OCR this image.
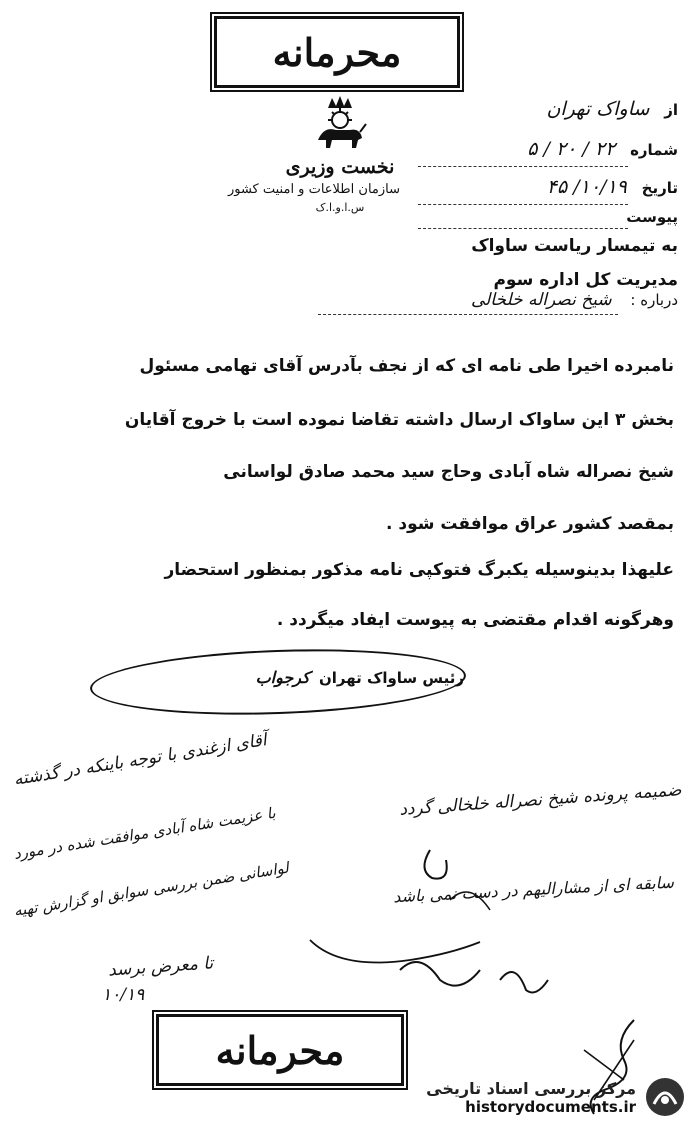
محرمانه
نخست وزیری
سازمان اطلاعات و امنیت کشور
س.ا.و.ا.ک
از ساواک تهران
شماره ۲۲ / ۲۰ / ۵
تاریخ ۱۰/۱۹/ ۴۵
پیوست
به تیمسار ریاست ساواک
مدیریت کل اداره سوم
درباره : شیخ نصراله خلخالی
نامبرده اخیرا طی نامه ای که از نجف بآدرس آقای تهامی مسئول
بخش ۳ این ساواک ارسال داشته تقاضا نموده است با خروج آقایان
شیخ نصراله شاه آبادی وحاج سید محمد صادق لواسانی
بمقصد کشور عراق موافقت شود .
علیهذا بدینوسیله یکبرگ فتوکپی نامه مذکور بمنظور استحضار
وهرگونه اقدام مقتضی به پیوست ایفاد میگردد .
رئیس ساواک تهران کرجواب
آقای ازغندی با توجه باینکه در گذشته
با عزیمت شاه آبادی موافقت شده در مورد
لواسانی ضمن بررسی سوابق او گزارش تهیه
تا معرض برسد
۱۰/۱۹
ضمیمه پرونده شیخ نصراله خلخالی گردد
سابقه ای از مشارالیهم در دست نمی باشد
محرمانه
مرکز بررسی اسناد تاریخی
historydocuments.ir
